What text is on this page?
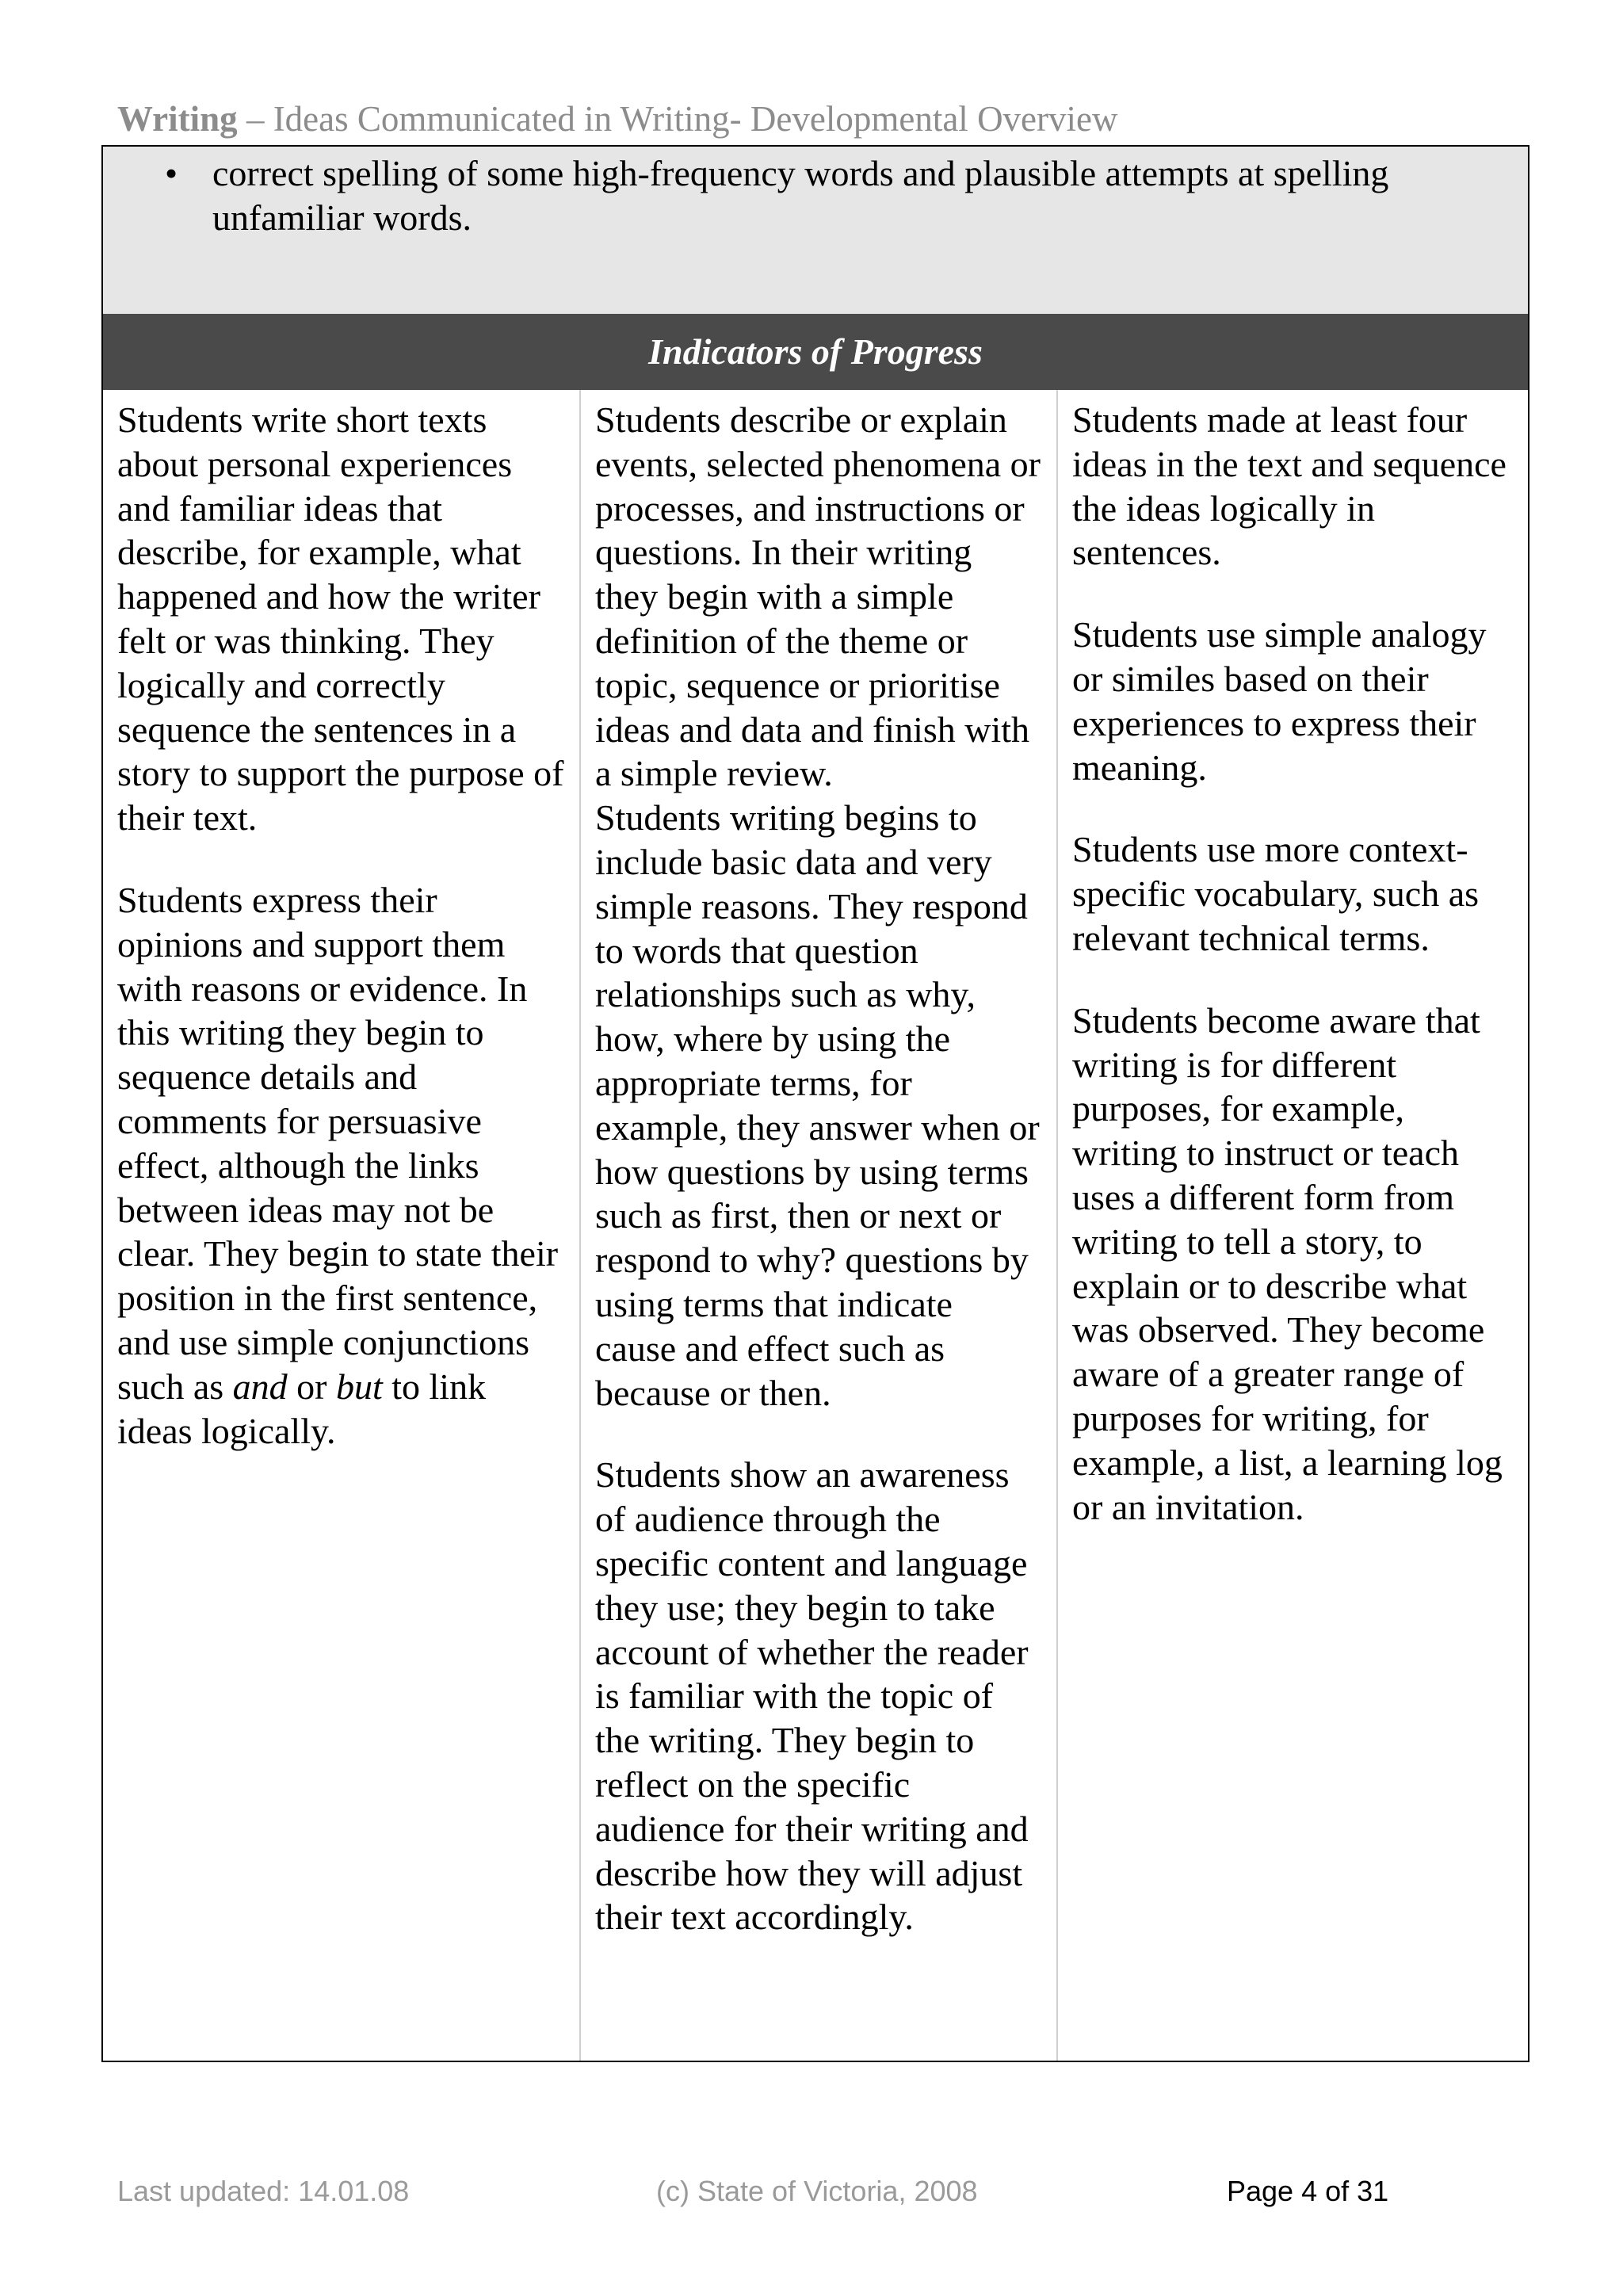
Writing – Ideas Communicated in Writing- Developmental Overview
• correct spelling of some high-frequency words and plausible attempts at spelling unfamiliar words.
Indicators of Progress

Students write short texts about personal experiences and familiar ideas that describe, for example, what happened and how the writer felt or was thinking. They logically and correctly sequence the sentences in a story to support the purpose of their text.

Students express their opinions and support them with reasons or evidence. In this writing they begin to sequence details and comments for persuasive effect, although the links between ideas may not be clear. They begin to state their position in the first sentence, and use simple conjunctions such as and or but to link ideas logically.

Students describe or explain events, selected phenomena or processes, and instructions or questions. In their writing they begin with a simple definition of the theme or topic, sequence or prioritise ideas and data and finish with a simple review.

Students writing begins to include basic data and very simple reasons. They respond to words that question relationships such as why, how, where by using the appropriate terms, for example, they answer when or how questions by using terms such as first, then or next or respond to why? questions by using terms that indicate cause and effect such as because or then.

Students show an awareness of audience through the specific content and language they use; they begin to take account of whether the reader is familiar with the topic of the writing. They begin to reflect on the specific audience for their writing and describe how they will adjust their text accordingly.

Students made at least four ideas in the text and sequence the ideas logically in sentences.

Students use simple analogy or similes based on their experiences to express their meaning.

Students use more context-specific vocabulary, such as relevant technical terms.

Students become aware that writing is for different purposes, for example, writing to instruct or teach uses a different form from writing to tell a story, to explain or to describe what was observed. They become aware of a greater range of purposes for writing, for example, a list, a learning log or an invitation.

Last updated: 14.01.08	(c) State of Victoria, 2008	Page 4 of 31
